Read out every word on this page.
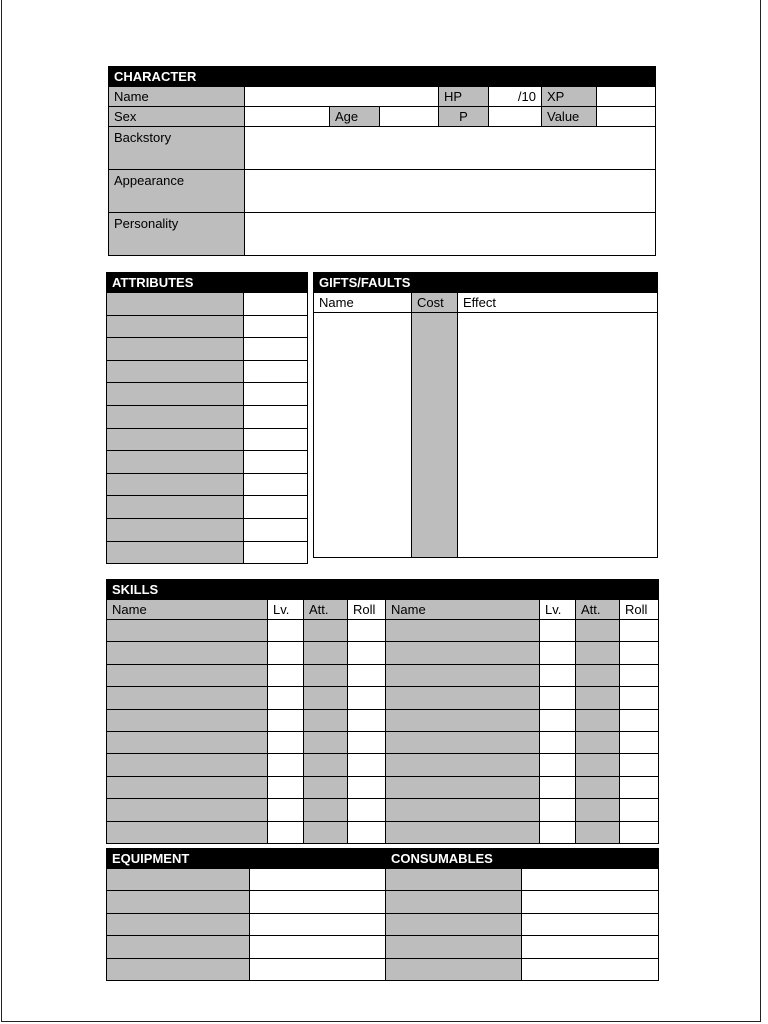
CHARACTER							
Name				HP	/10	XP	
Sex		Age		P		Value	
Backstory							
Appearance							
Personality							
ATTRIBUTES	

		GIFTS/FAULTS		
Name	Cost	Effect

SKILLS							
Name	Lv.	Att.	Roll	Name	Lv.	Att.	Roll

EQUIPMENT		CONSUMABLES	
